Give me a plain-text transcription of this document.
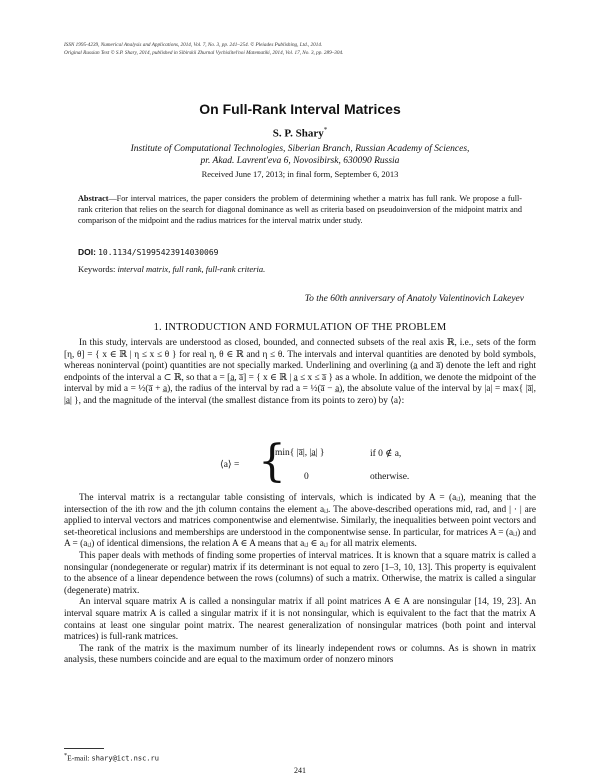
ISSN 1995-4239, Numerical Analysis and Applications, 2014, Vol. 7, No. 3, pp. 241–254. © Pleiades Publishing, Ltd., 2014.
Original Russian Text © S.P. Shary, 2014, published in Sibirskii Zhurnal Vychislitel'noi Matematiki, 2014, Vol. 17, No. 3, pp. 289–304.
On Full-Rank Interval Matrices
S. P. Shary*
Institute of Computational Technologies, Siberian Branch, Russian Academy of Sciences,
pr. Akad. Lavrent'eva 6, Novosibirsk, 630090 Russia
Received June 17, 2013; in final form, September 6, 2013
Abstract—For interval matrices, the paper considers the problem of determining whether a matrix has full rank. We propose a full-rank criterion that relies on the search for diagonal dominance as well as criteria based on pseudoinversion of the midpoint matrix and comparison of the midpoint and the radius matrices for the interval matrix under study.
DOI: 10.1134/S1995423914030069
Keywords: interval matrix, full rank, full-rank criteria.
To the 60th anniversary of Anatoly Valentinovich Lakeyev
1. INTRODUCTION AND FORMULATION OF THE PROBLEM

In this study, intervals are understood as closed, bounded, and connected subsets of the real axis ℝ, i.e., sets of the form [η, θ] = { x ∈ ℝ | η ≤ x ≤ θ } for real η, θ ∈ ℝ and η ≤ θ. The intervals and interval quantities are denoted by bold symbols, whereas noninterval (point) quantities are not specially marked. Underlining and overlining (a̲ and a̅) denote the left and right endpoints of the interval a ⊂ ℝ, so that a = [a̲, a̅] = { x ∈ ℝ | a̲ ≤ x ≤ a̅ } as a whole. In addition, we denote the midpoint of the interval by mid a = ½(a̅ + a̲), the radius of the interval by rad a = ½(a̅ − a̲), the absolute value of the interval by |a| = max{ |a̅|, |a̲| }, and the magnitude of the interval (the smallest distance from its points to zero) by ⟨a⟩:

⟨a⟩ = {
min{ |a̅|, |a̲| }	if 0 ∉ a,
0	otherwise.

The interval matrix is a rectangular table consisting of intervals, which is indicated by A = (aᵢⱼ), meaning that the intersection of the ith row and the jth column contains the element aᵢⱼ. The above-described operations mid, rad, and | · | are applied to interval vectors and matrices componentwise and elementwise. Similarly, the inequalities between point vectors and set-theoretical inclusions and memberships are understood in the componentwise sense. In particular, for matrices A = (aᵢⱼ) and A = (aᵢⱼ) of identical dimensions, the relation A ∈ A means that aᵢⱼ ∈ aᵢⱼ for all matrix elements.

This paper deals with methods of finding some properties of interval matrices. It is known that a square matrix is called a nonsingular (nondegenerate or regular) matrix if its determinant is not equal to zero [1–3, 10, 13]. This property is equivalent to the absence of a linear dependence between the rows (columns) of such a matrix. Otherwise, the matrix is called a singular (degenerate) matrix.

An interval square matrix A is called a nonsingular matrix if all point matrices A ∈ A are nonsingular [14, 19, 23]. An interval square matrix A is called a singular matrix if it is not nonsingular, which is equivalent to the fact that the matrix A contains at least one singular point matrix. The nearest generalization of nonsingular matrices (both point and interval matrices) is full-rank matrices.

The rank of the matrix is the maximum number of its linearly independent rows or columns. As is shown in matrix analysis, these numbers coincide and are equal to the maximum order of nonzero minors

*E-mail: shary@ict.nsc.ru
241
